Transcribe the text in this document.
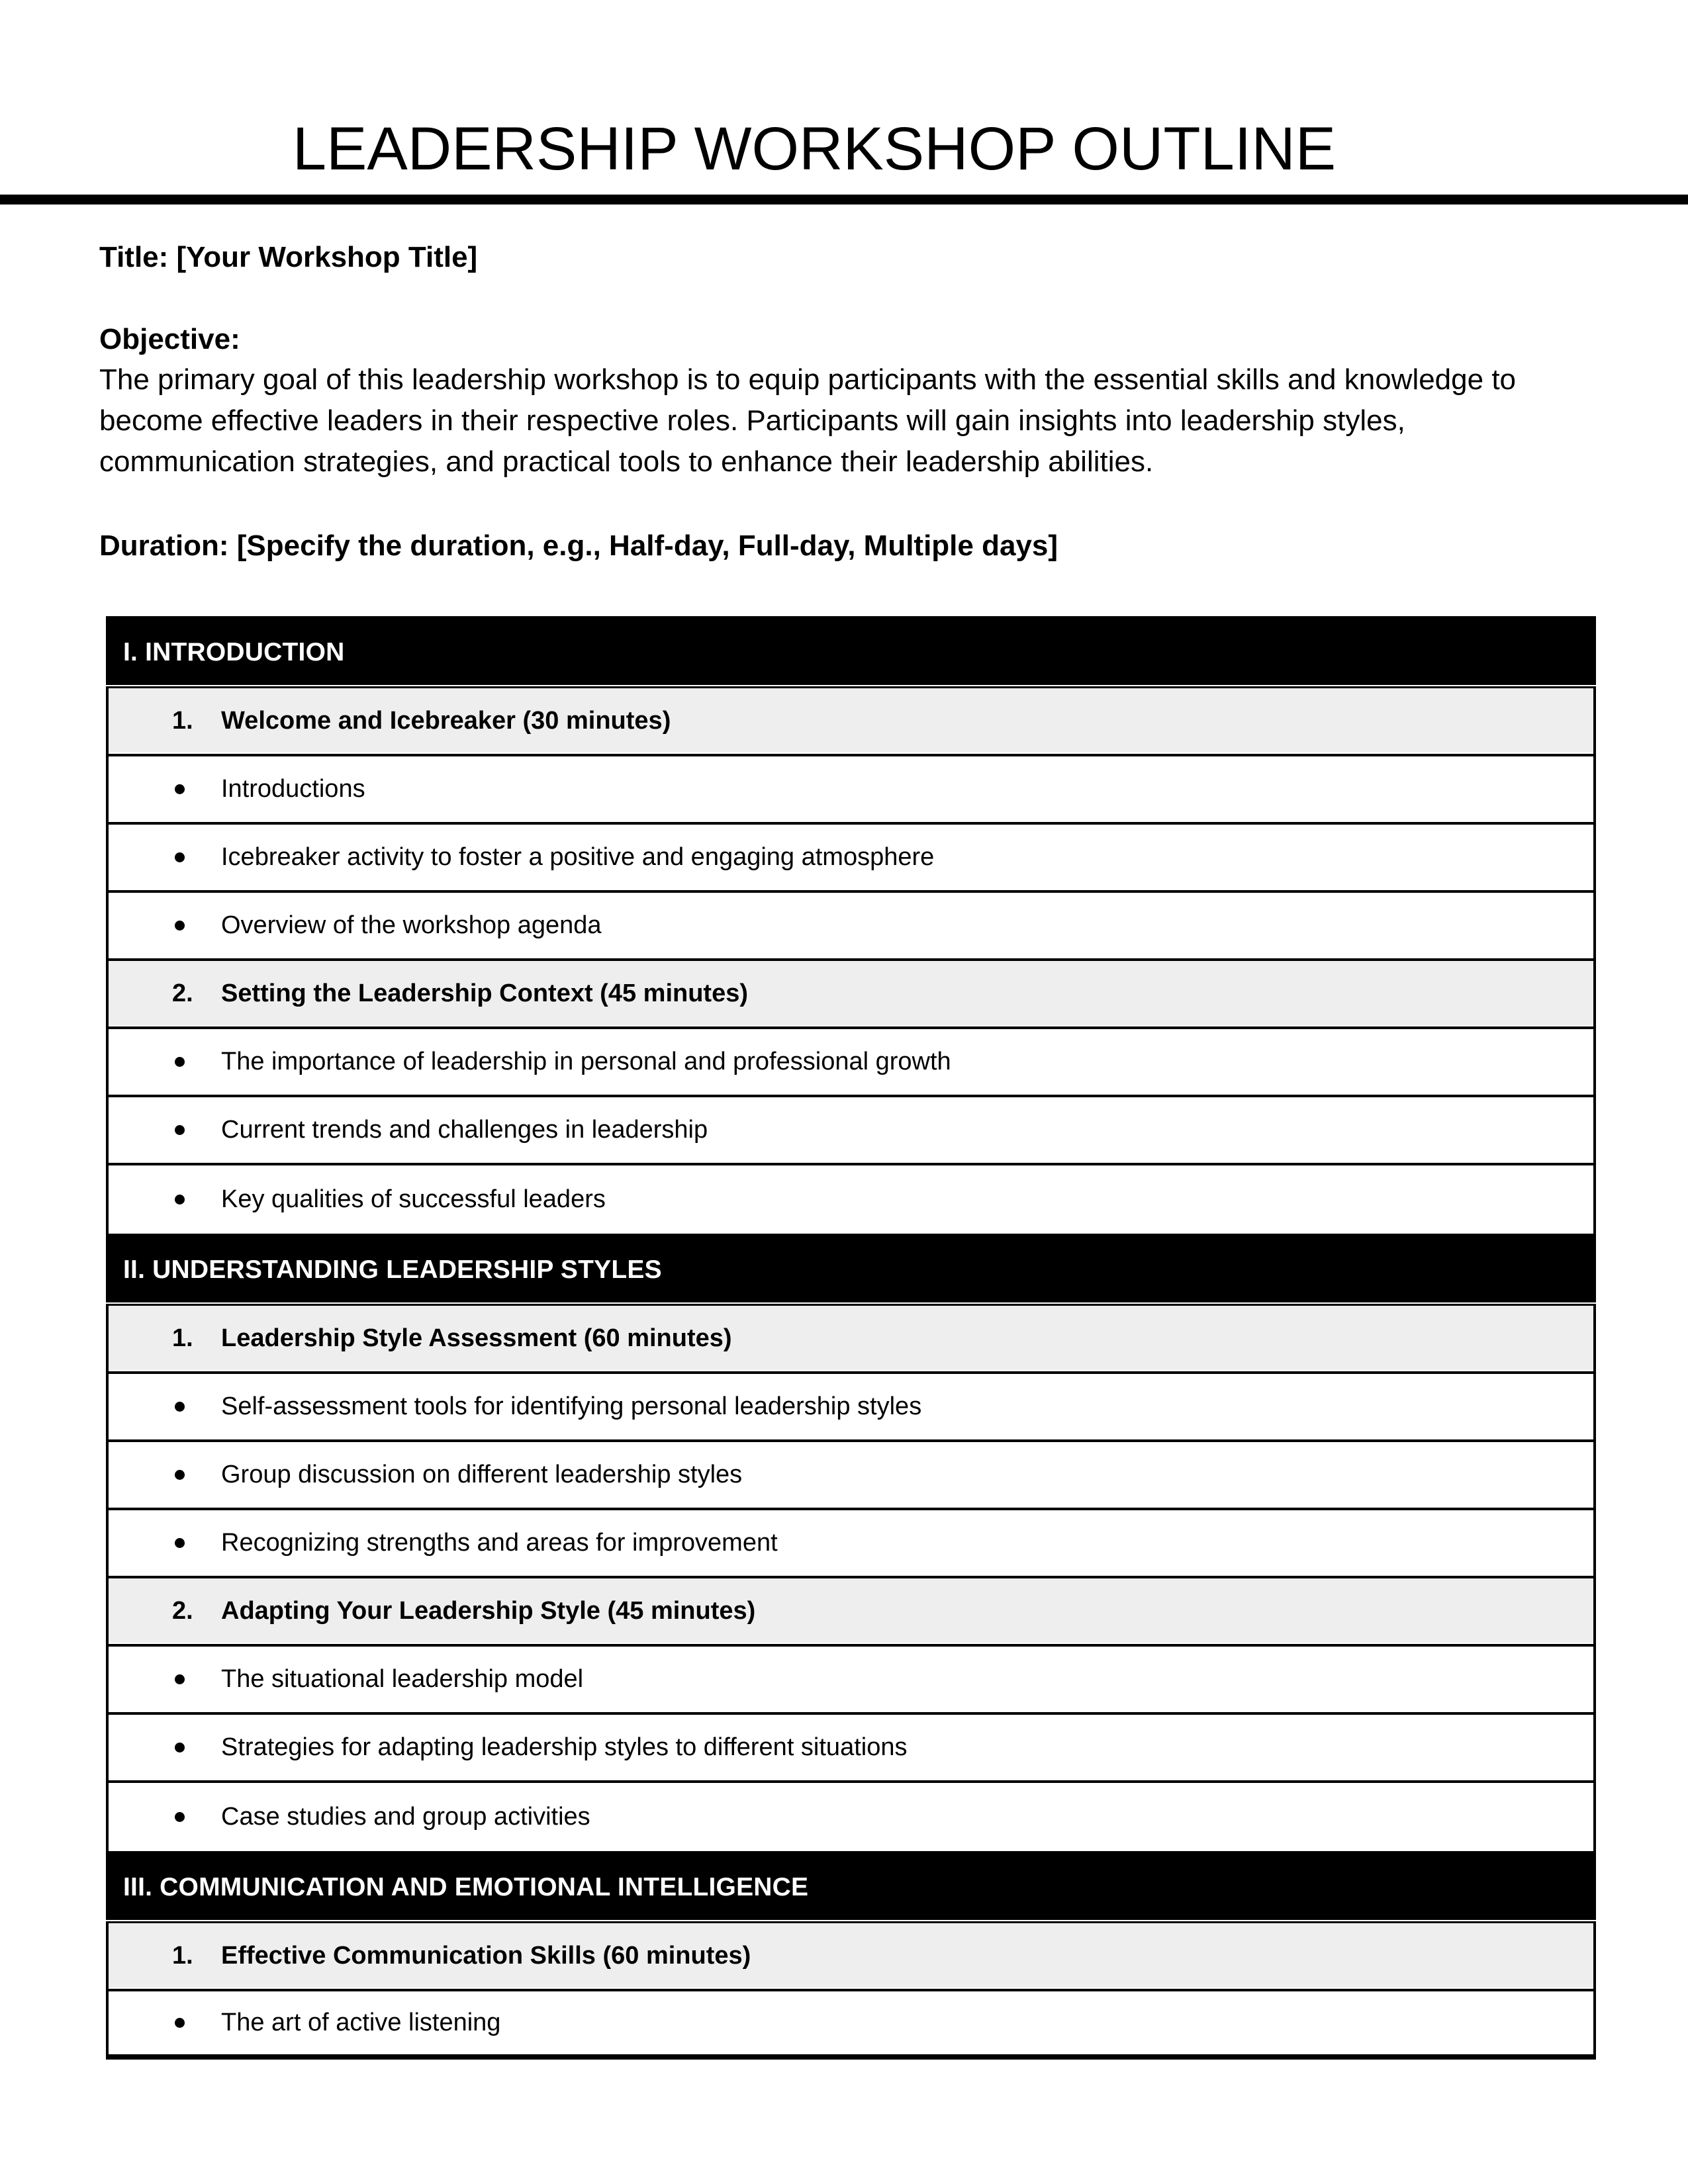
LEADERSHIP WORKSHOP OUTLINE
Title: [Your Workshop Title]
Objective:
The primary goal of this leadership workshop is to equip participants with the essential skills and knowledge to become effective leaders in their respective roles. Participants will gain insights into leadership styles, communication strategies, and practical tools to enhance their leadership abilities.
Duration: [Specify the duration, e.g., Half-day, Full-day, Multiple days]
I. INTRODUCTION
1. Welcome and Icebreaker (30 minutes)
Introductions
Icebreaker activity to foster a positive and engaging atmosphere
Overview of the workshop agenda
2. Setting the Leadership Context (45 minutes)
The importance of leadership in personal and professional growth
Current trends and challenges in leadership
Key qualities of successful leaders
II. UNDERSTANDING LEADERSHIP STYLES
1. Leadership Style Assessment (60 minutes)
Self-assessment tools for identifying personal leadership styles
Group discussion on different leadership styles
Recognizing strengths and areas for improvement
2. Adapting Your Leadership Style (45 minutes)
The situational leadership model
Strategies for adapting leadership styles to different situations
Case studies and group activities
III. COMMUNICATION AND EMOTIONAL INTELLIGENCE
1. Effective Communication Skills (60 minutes)
The art of active listening
